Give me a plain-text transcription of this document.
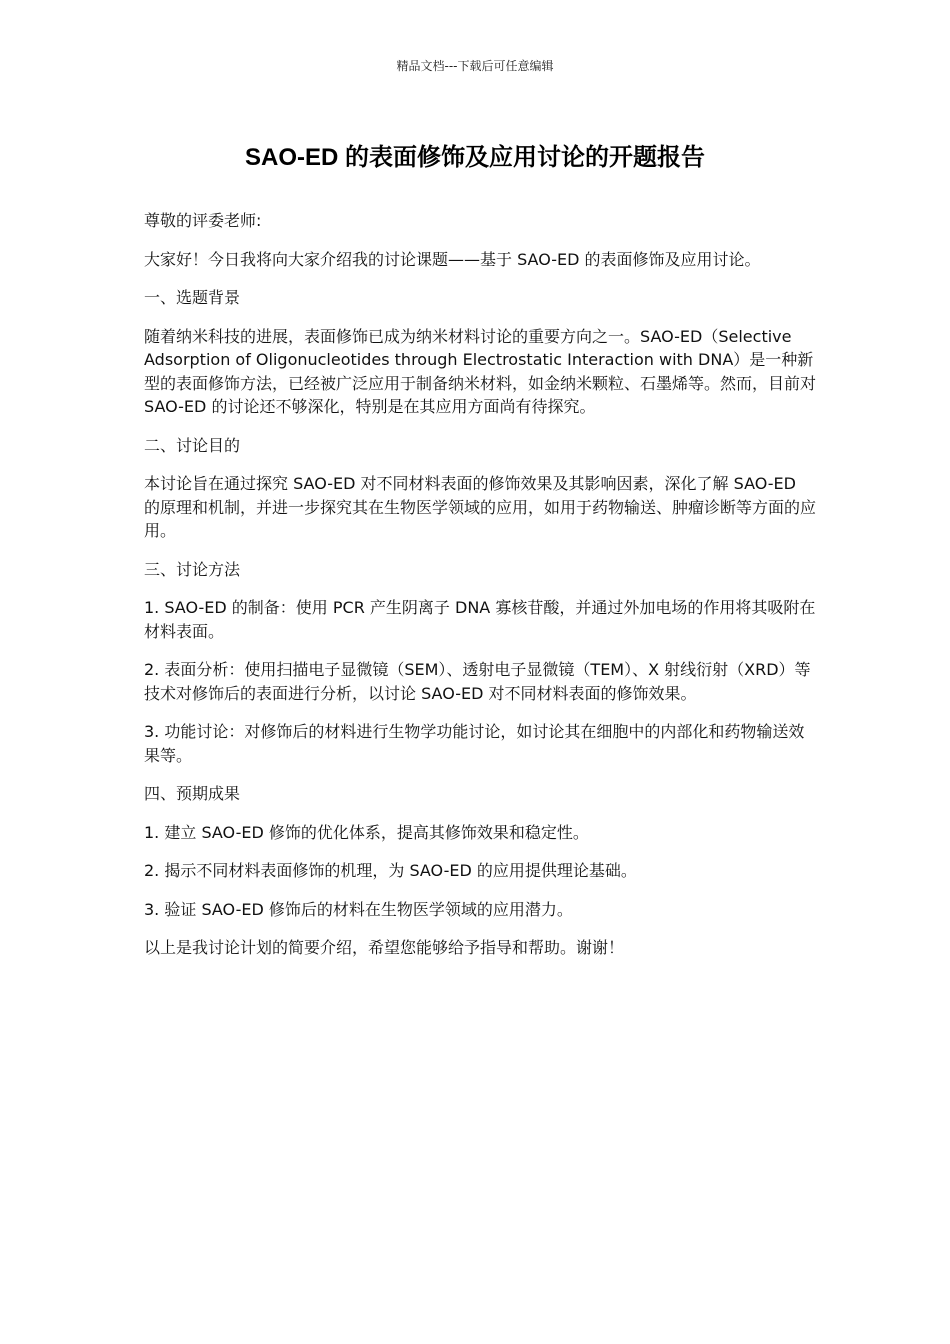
精品文档---下载后可任意编辑
SAO-ED 的表面修饰及应用讨论的开题报告

尊敬的评委老师:

大家好！今日我将向大家介绍我的讨论课题——基于 SAO-ED 的表面修饰及应用讨论。

一、选题背景

随着纳米科技的进展，表面修饰已成为纳米材料讨论的重要方向之一。SAO-ED（Selective Adsorption of Oligonucleotides through Electrostatic Interaction with DNA）是一种新型的表面修饰方法，已经被广泛应用于制备纳米材料，如金纳米颗粒、石墨烯等。然而，目前对 SAO-ED 的讨论还不够深化，特别是在其应用方面尚有待探究。

二、讨论目的

本讨论旨在通过探究 SAO-ED 对不同材料表面的修饰效果及其影响因素，深化了解 SAO-ED 的原理和机制，并进一步探究其在生物医学领域的应用，如用于药物输送、肿瘤诊断等方面的应用。

三、讨论方法

1. SAO-ED 的制备：使用 PCR 产生阴离子 DNA 寡核苷酸，并通过外加电场的作用将其吸附在材料表面。

2. 表面分析：使用扫描电子显微镜（SEM）、透射电子显微镜（TEM）、X 射线衍射（XRD）等技术对修饰后的表面进行分析，以讨论 SAO-ED 对不同材料表面的修饰效果。

3. 功能讨论：对修饰后的材料进行生物学功能讨论，如讨论其在细胞中的内部化和药物输送效果等。

四、预期成果

1. 建立 SAO-ED 修饰的优化体系，提高其修饰效果和稳定性。

2. 揭示不同材料表面修饰的机理，为 SAO-ED 的应用提供理论基础。

3. 验证 SAO-ED 修饰后的材料在生物医学领域的应用潜力。

以上是我讨论计划的简要介绍，希望您能够给予指导和帮助。谢谢！
